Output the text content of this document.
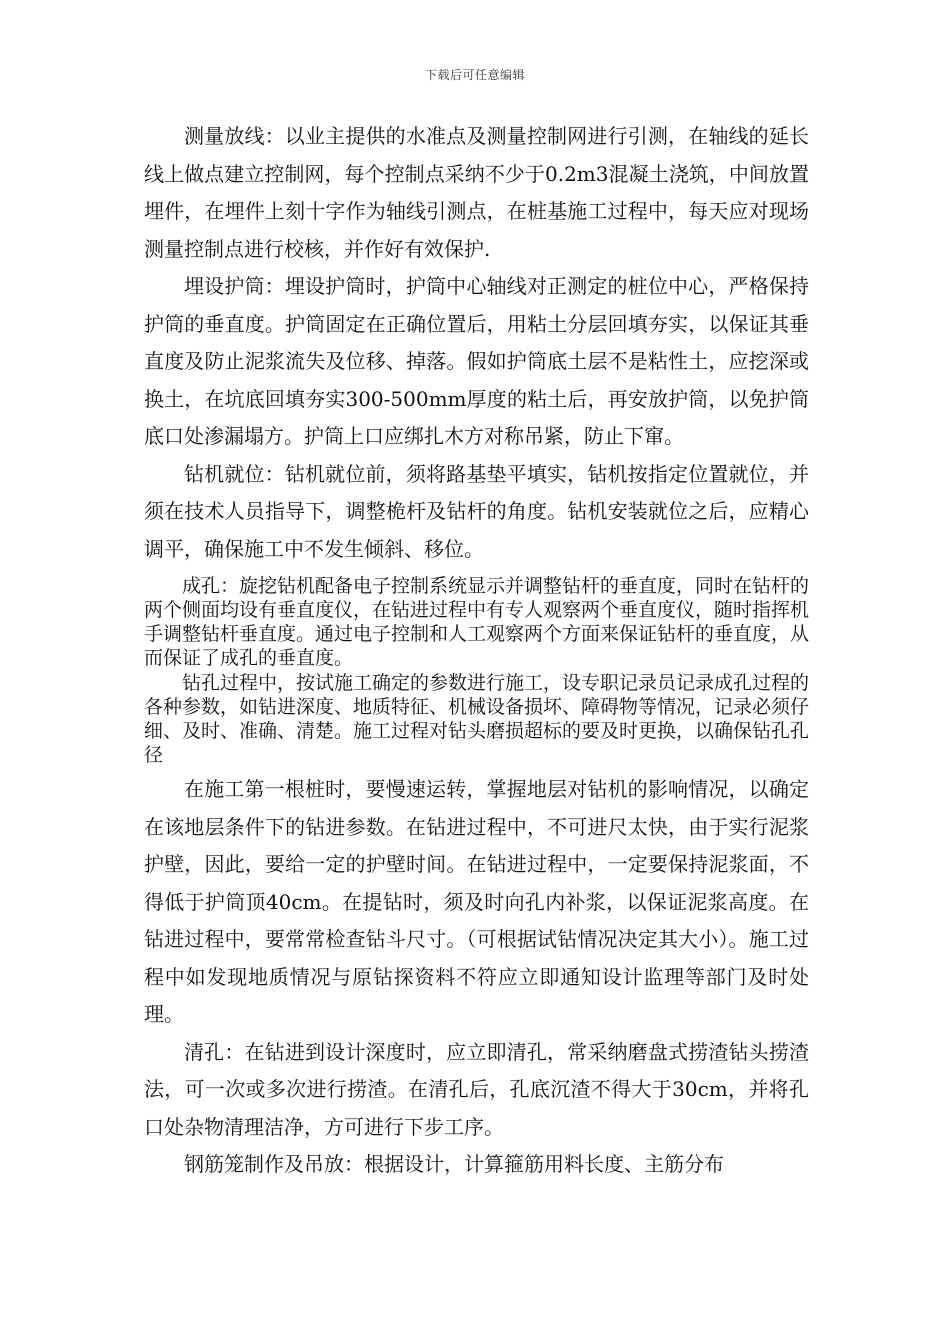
下载后可任意编辑

测量放线：以业主提供的水准点及测量控制网进行引测，在轴线的延长线上做点建立控制网，每个控制点采纳不少于0.2m3混凝土浇筑，中间放置埋件，在埋件上刻十字作为轴线引测点，在桩基施工过程中，每天应对现场测量控制点进行校核，并作好有效保护.

埋设护筒：埋设护筒时，护筒中心轴线对正测定的桩位中心，严格保持护筒的垂直度。护筒固定在正确位置后，用粘土分层回填夯实，以保证其垂直度及防止泥浆流失及位移、掉落。假如护筒底土层不是粘性土，应挖深或换土，在坑底回填夯实300-500mm厚度的粘土后，再安放护筒，以免护筒底口处渗漏塌方。护筒上口应绑扎木方对称吊紧，防止下窜。

钻机就位：钻机就位前，须将路基垫平填实，钻机按指定位置就位，并须在技术人员指导下，调整桅杆及钻杆的角度。钻机安装就位之后，应精心调平，确保施工中不发生倾斜、移位。

成孔：旋挖钻机配备电子控制系统显示并调整钻杆的垂直度，同时在钻杆的两个侧面均设有垂直度仪，在钻进过程中有专人观察两个垂直度仪，随时指挥机手调整钻杆垂直度。通过电子控制和人工观察两个方面来保证钻杆的垂直度，从而保证了成孔的垂直度。

钻孔过程中，按试施工确定的参数进行施工，设专职记录员记录成孔过程的各种参数，如钻进深度、地质特征、机械设备损坏、障碍物等情况，记录必须仔细、及时、准确、清楚。施工过程对钻头磨损超标的要及时更换，以确保钻孔孔径

在施工第一根桩时，要慢速运转，掌握地层对钻机的影响情况，以确定在该地层条件下的钻进参数。在钻进过程中，不可进尺太快，由于实行泥浆护壁，因此，要给一定的护壁时间。在钻进过程中，一定要保持泥浆面，不得低于护筒顶40cm。在提钻时，须及时向孔内补浆，以保证泥浆高度。在钻进过程中，要常常检查钻斗尺寸。（可根据试钻情况决定其大小）。施工过程中如发现地质情况与原钻探资料不符应立即通知设计监理等部门及时处理。

清孔：在钻进到设计深度时，应立即清孔，常采纳磨盘式捞渣钻头捞渣法，可一次或多次进行捞渣。在清孔后，孔底沉渣不得大于30cm，并将孔口处杂物清理洁净，方可进行下步工序。

钢筋笼制作及吊放：根据设计，计算箍筋用料长度、主筋分布
